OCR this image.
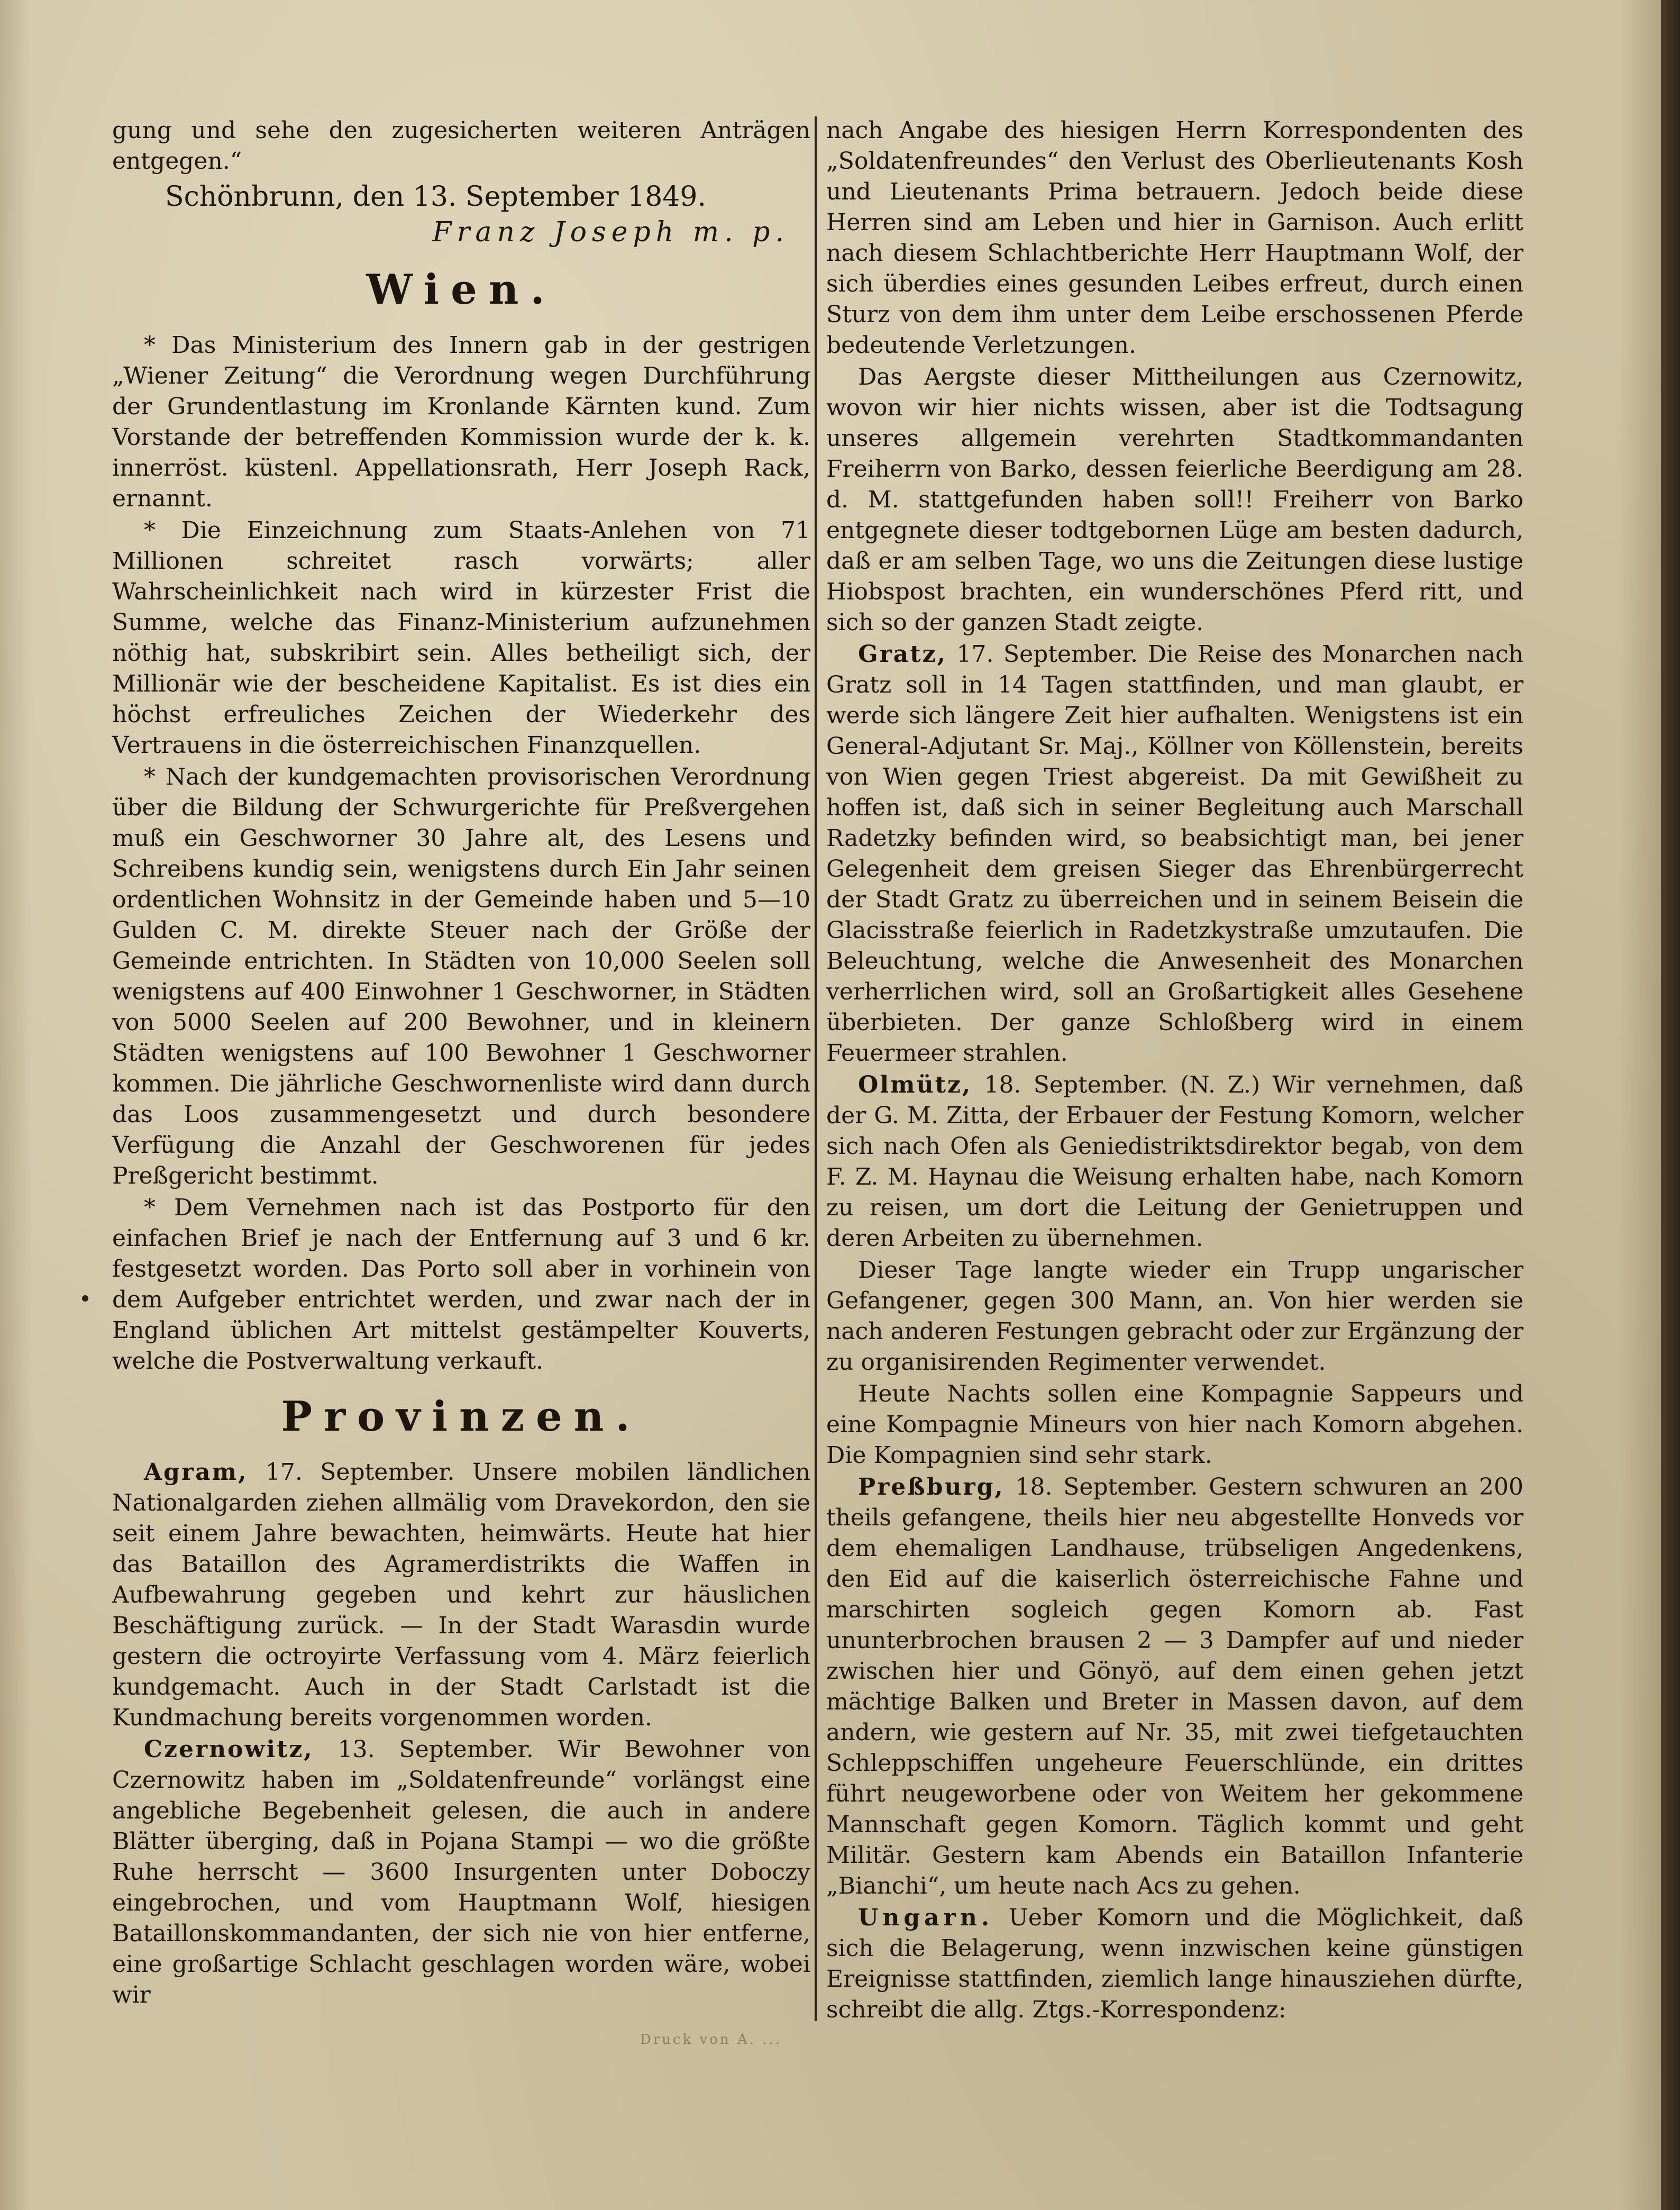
gung und sehe den zugesicherten weiteren Anträgen entgegen.“

Schönbrunn, den 13. September 1849.

Franz Joseph m. p.

Wien.

* Das Ministerium des Innern gab in der gestrigen „Wiener Zeitung“ die Verordnung wegen Durchführung der Grundentlastung im Kronlande Kärnten kund. Zum Vorstande der betreffenden Kommission wurde der k. k. innerröst. küstenl. Appellationsrath, Herr Joseph Rack, ernannt.

* Die Einzeichnung zum Staats-Anlehen von 71 Millionen schreitet rasch vorwärts; aller Wahrscheinlichkeit nach wird in kürzester Frist die Summe, welche das Finanz-Ministerium aufzunehmen nöthig hat, subskribirt sein. Alles betheiligt sich, der Millionär wie der bescheidene Kapitalist. Es ist dies ein höchst erfreuliches Zeichen der Wiederkehr des Vertrauens in die österreichischen Finanzquellen.

* Nach der kundgemachten provisorischen Verordnung über die Bildung der Schwurgerichte für Preßvergehen muß ein Geschworner 30 Jahre alt, des Lesens und Schreibens kundig sein, wenigstens durch Ein Jahr seinen ordentlichen Wohnsitz in der Gemeinde haben und 5—10 Gulden C. M. direkte Steuer nach der Größe der Gemeinde entrichten. In Städten von 10,000 Seelen soll wenigstens auf 400 Einwohner 1 Geschworner, in Städten von 5000 Seelen auf 200 Bewohner, und in kleinern Städten wenigstens auf 100 Bewohner 1 Geschworner kommen. Die jährliche Geschwornenliste wird dann durch das Loos zusammengesetzt und durch besondere Verfügung die Anzahl der Geschworenen für jedes Preßgericht bestimmt.

* Dem Vernehmen nach ist das Postporto für den einfachen Brief je nach der Entfernung auf 3 und 6 kr. festgesetzt worden. Das Porto soll aber in vorhinein von dem Aufgeber entrichtet werden, und zwar nach der in England üblichen Art mittelst gestämpelter Kouverts, welche die Postverwaltung verkauft.

Provinzen.

Agram, 17. September. Unsere mobilen ländlichen Nationalgarden ziehen allmälig vom Dravekordon, den sie seit einem Jahre bewachten, heimwärts. Heute hat hier das Bataillon des Agramerdistrikts die Waffen in Aufbewahrung gegeben und kehrt zur häuslichen Beschäftigung zurück. — In der Stadt Warasdin wurde gestern die octroyirte Verfassung vom 4. März feierlich kundgemacht. Auch in der Stadt Carlstadt ist die Kundmachung bereits vorgenommen worden.

Czernowitz, 13. September. Wir Bewohner von Czernowitz haben im „Soldatenfreunde“ vorlängst eine angebliche Begebenheit gelesen, die auch in andere Blätter überging, daß in Pojana Stampi — wo die größte Ruhe herrscht — 3600 Insurgenten unter Doboczy eingebrochen, und vom Hauptmann Wolf, hiesigen Bataillonskommandanten, der sich nie von hier entferne, eine großartige Schlacht geschlagen worden wäre, wobei wir

nach Angabe des hiesigen Herrn Korrespondenten des „Soldatenfreundes“ den Verlust des Oberlieutenants Kosh und Lieutenants Prima betrauern. Jedoch beide diese Herren sind am Leben und hier in Garnison. Auch erlitt nach diesem Schlachtberichte Herr Hauptmann Wolf, der sich überdies eines gesunden Leibes erfreut, durch einen Sturz von dem ihm unter dem Leibe erschossenen Pferde bedeutende Verletzungen.

Das Aergste dieser Mittheilungen aus Czernowitz, wovon wir hier nichts wissen, aber ist die Todtsagung unseres allgemein verehrten Stadtkommandanten Freiherrn von Barko, dessen feierliche Beerdigung am 28. d. M. stattgefunden haben soll!! Freiherr von Barko entgegnete dieser todtgebornen Lüge am besten dadurch, daß er am selben Tage, wo uns die Zeitungen diese lustige Hiobspost brachten, ein wunderschönes Pferd ritt, und sich so der ganzen Stadt zeigte.

Gratz, 17. September. Die Reise des Monarchen nach Gratz soll in 14 Tagen stattfinden, und man glaubt, er werde sich längere Zeit hier aufhalten. Wenigstens ist ein General-Adjutant Sr. Maj., Köllner von Köllenstein, bereits von Wien gegen Triest abgereist. Da mit Gewißheit zu hoffen ist, daß sich in seiner Begleitung auch Marschall Radetzky befinden wird, so beabsichtigt man, bei jener Gelegenheit dem greisen Sieger das Ehrenbürgerrecht der Stadt Gratz zu überreichen und in seinem Beisein die Glacisstraße feierlich in Radetzkystraße umzutaufen. Die Beleuchtung, welche die Anwesenheit des Monarchen verherrlichen wird, soll an Großartigkeit alles Gesehene überbieten. Der ganze Schloßberg wird in einem Feuermeer strahlen.

Olmütz, 18. September. (N. Z.) Wir vernehmen, daß der G. M. Zitta, der Erbauer der Festung Komorn, welcher sich nach Ofen als Geniedistriktsdirektor begab, von dem F. Z. M. Haynau die Weisung erhalten habe, nach Komorn zu reisen, um dort die Leitung der Genietruppen und deren Arbeiten zu übernehmen.

Dieser Tage langte wieder ein Trupp ungarischer Gefangener, gegen 300 Mann, an. Von hier werden sie nach anderen Festungen gebracht oder zur Ergänzung der zu organisirenden Regimenter verwendet.

Heute Nachts sollen eine Kompagnie Sappeurs und eine Kompagnie Mineurs von hier nach Komorn abgehen. Die Kompagnien sind sehr stark.

Preßburg, 18. September. Gestern schwuren an 200 theils gefangene, theils hier neu abgestellte Honveds vor dem ehemaligen Landhause, trübseligen Angedenkens, den Eid auf die kaiserlich österreichische Fahne und marschirten sogleich gegen Komorn ab. Fast ununterbrochen brausen 2 — 3 Dampfer auf und nieder zwischen hier und Gönyö, auf dem einen gehen jetzt mächtige Balken und Breter in Massen davon, auf dem andern, wie gestern auf Nr. 35, mit zwei tiefgetauchten Schleppschiffen ungeheure Feuerschlünde, ein drittes führt neugeworbene oder von Weitem her gekommene Mannschaft gegen Komorn. Täglich kommt und geht Militär. Gestern kam Abends ein Bataillon Infanterie „Bianchi“, um heute nach Acs zu gehen.

Ungarn. Ueber Komorn und die Möglichkeit, daß sich die Belagerung, wenn inzwischen keine günstigen Ereignisse stattfinden, ziemlich lange hinausziehen dürfte, schreibt die allg. Ztgs.-Korrespondenz:

Druck von A. ...
